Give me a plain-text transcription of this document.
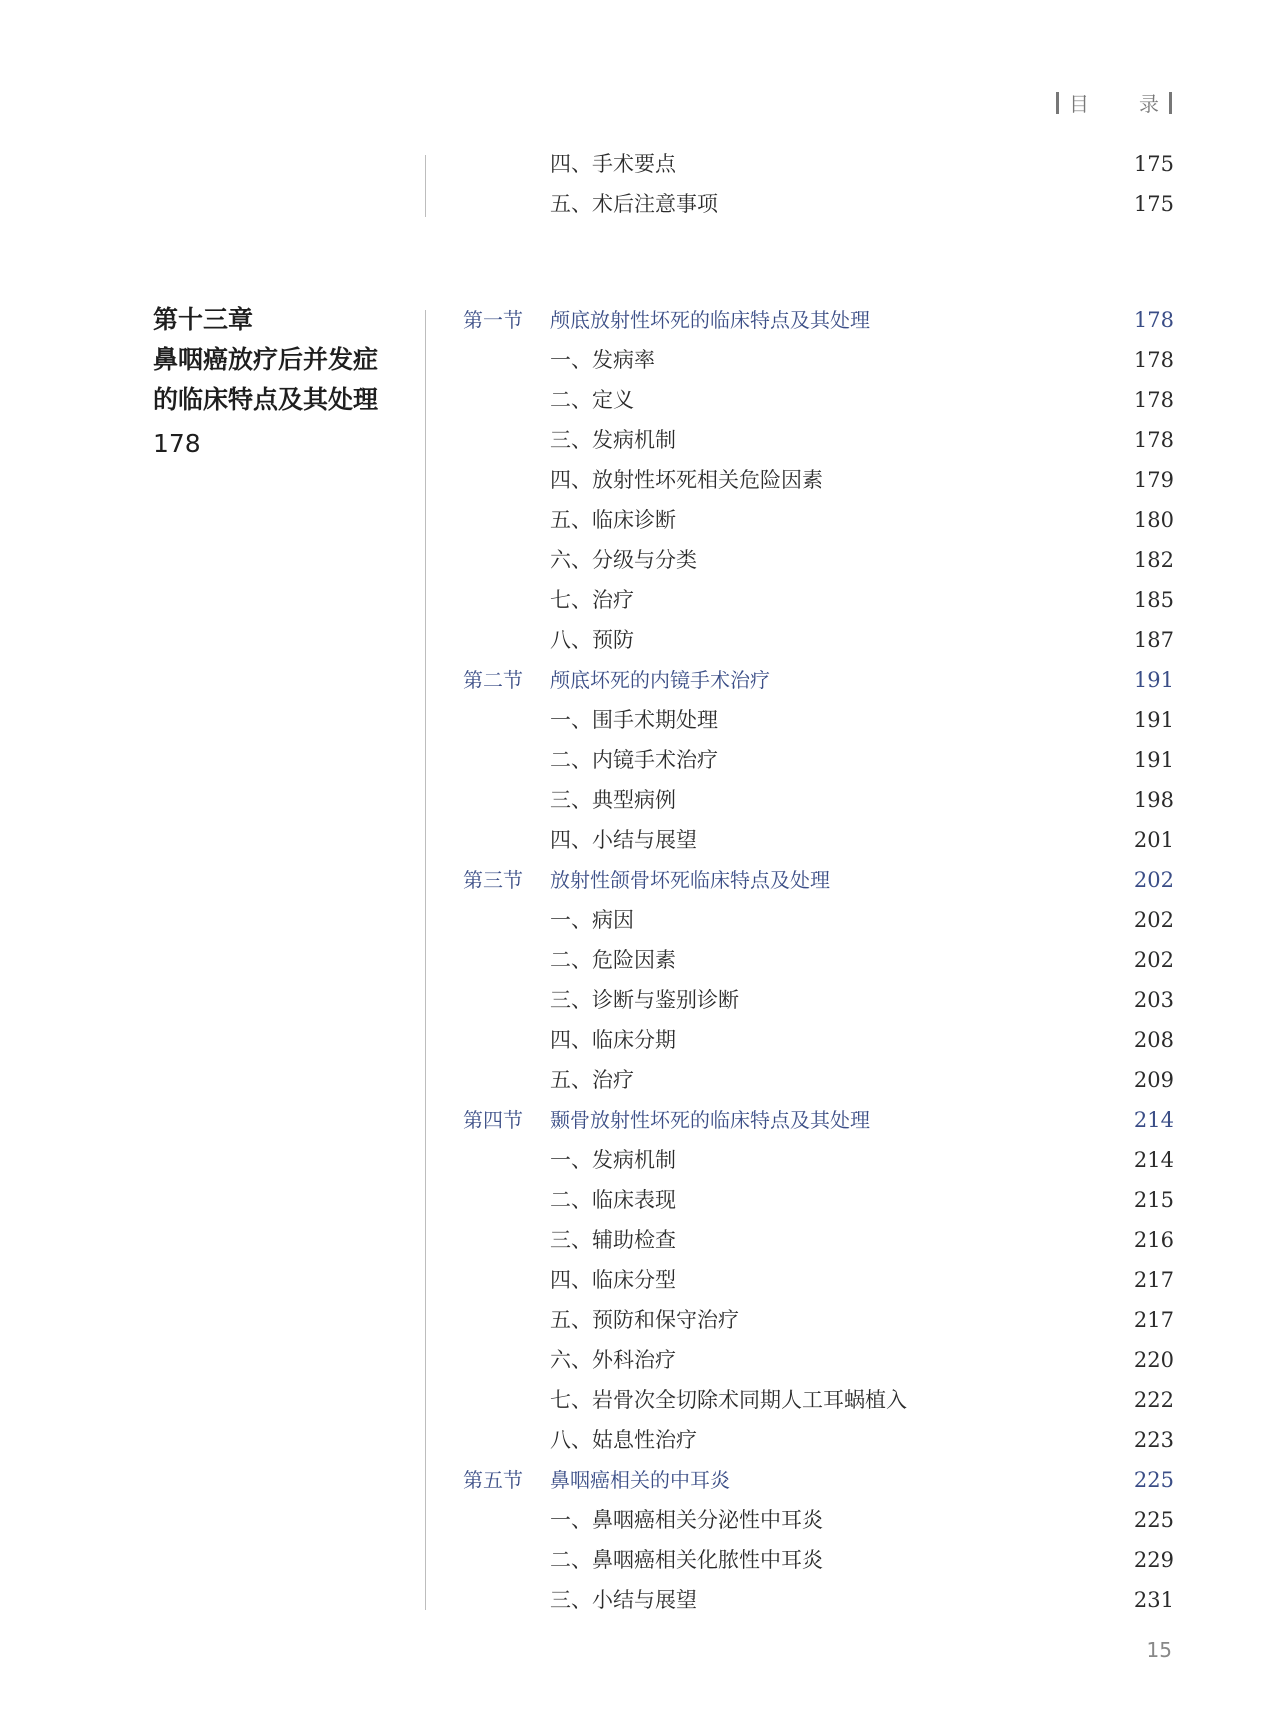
目	录
四、手术要点	175
五、术后注意事项	175
第十三章
鼻咽癌放疗后并发症
的临床特点及其处理
178
第一节 颅底放射性坏死的临床特点及其处理	178
一、发病率	178
二、定义	178
三、发病机制	178
四、放射性坏死相关危险因素	179
五、临床诊断	180
六、分级与分类	182
七、治疗	185
八、预防	187
第二节 颅底坏死的内镜手术治疗	191
一、围手术期处理	191
二、内镜手术治疗	191
三、典型病例	198
四、小结与展望	201
第三节 放射性颌骨坏死临床特点及处理	202
一、病因	202
二、危险因素	202
三、诊断与鉴别诊断	203
四、临床分期	208
五、治疗	209
第四节 颞骨放射性坏死的临床特点及其处理	214
一、发病机制	214
二、临床表现	215
三、辅助检查	216
四、临床分型	217
五、预防和保守治疗	217
六、外科治疗	220
七、岩骨次全切除术同期人工耳蜗植入	222
八、姑息性治疗	223
第五节 鼻咽癌相关的中耳炎	225
一、鼻咽癌相关分泌性中耳炎	225
二、鼻咽癌相关化脓性中耳炎	229
三、小结与展望	231
15
